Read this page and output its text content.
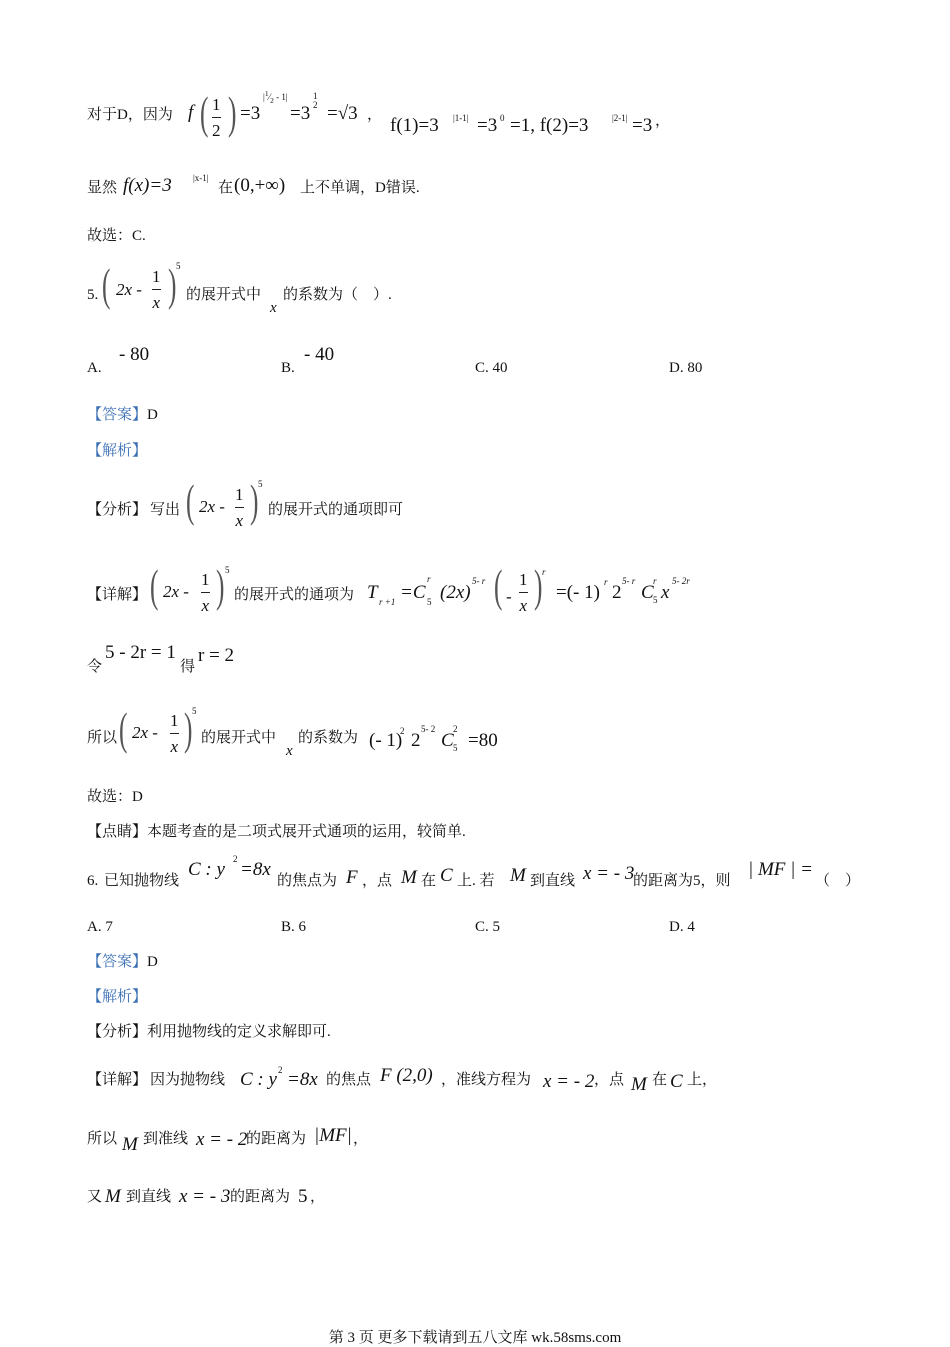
对于D，因为 f ( 1
2 ) =3
$|^1⁄_2 - 1|$
=3
1
2 =√3 ， f(1)=3 |1-1| =3 0 =1, f(2)=3	|2-1| =3 ，
显然 f(x)=3 |x-1|
在 (0,+∞) 上不单调，D错误.
故选：C.
5. ( 2x -
1
x ) 5
的展开式中
x
的系数为（　）.
A.
- 80
B.
- 40
C. 40	D. 80
【答案】D
【解析】
【分析】 写出 ( 2x -
1
x ) 5
的展开式的通项即可
【详解】 ( 2x -
1
x ) 5
的展开式的通项为 T r +1 =C
r
5 (2x)
5- r ( -
1
x ) r
=(- 1) r 2
5- r
C
r
5 x
5- 2r
令
5 - 2r = 1
得
r = 2
所以 ( 2x -
1
x ) 5
的展开式中
x
的系数为 (- 1)
2 2
5- 2
C
2
5 =80
故选：D
【点睛】本题考查的是二项式展开式通项的运用，较简单.
6. 已知抛物线
C : y 2 =8x
的焦点为 F ，点 M 在 C 上. 若 M 到直线 x = - 3
的距离为5，则
| MF | =
（　）
A. 7	B. 6	C. 5	D. 4
【答案】D
【解析】
【分析】利用抛物线的定义求解即可.
【详解】 因为抛物线 C : y 2 =8x 的焦点 F (2,0) ，准线方程为 x = - 2 ，点 M 在 C 上，
所以 M 到准线 x = - 2
的距离为 |MF| ，
又 M 到直线 x = - 3 的距离为 5 ，
第 3 页 更多下载请到五八文库 wk.58sms.com
